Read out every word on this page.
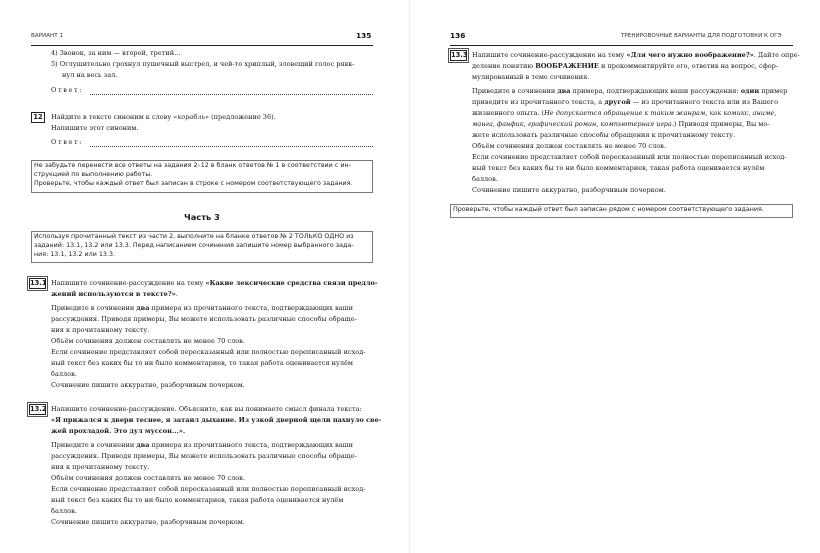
ВАРИАНТ 1	135
4) Звонок, за ним — второй, третий...
5) Оглушительно грохнул пушечный выстрел, и чей-то хриплый, зловещий голос рявк-
нул на весь зал.
Ответ:
12	Найдите в тексте синоним к слову «корабль» (предложение 36).
Напишите этот синоним.
Ответ:
Не забудьте перенести все ответы на задания 2–12 в бланк ответов № 1 в соответствии с ин-
струкцией по выполнению работы.
Проверьте, чтобы каждый ответ был записан в строке с номером соответствующего задания.
Часть 3
Используя прочитанный текст из части 2, выполните на бланке ответов № 2 ТОЛЬКО ОДНО из
заданий: 13.1, 13.2 или 13.3. Перед написанием сочинения запишите номер выбранного зада-
ния: 13.1, 13.2 или 13.3.
13.1 Напишите сочинение-рассуждение на тему «Какие лексические средства связи предло-
жений используются в тексте?».
Приведите в сочинении два примера из прочитанного текста, подтверждающих ваши
рассуждения. Приводя примеры, Вы можете использовать различные способы обраще-
ния к прочитанному тексту.
Объём сочинения должен составлять не менее 70 слов.
Если сочинение представляет собой пересказанный или полностью переписанный исход-
ный текст без каких бы то ни было комментариев, то такая работа оценивается нулём
баллов.
Сочинение пишите аккуратно, разборчивым почерком.
13.2 Напишите сочинение-рассуждение. Объясните, как вы понимаете смысл финала текста:
«Я прижался к двери теснее, я затаил дыхание. Из узкой дверной щели пахнуло све-
жей прохладой. Это дул муссон...».
Приведите в сочинении два примера из прочитанного текста, подтверждающих ваши
рассуждения. Приводя примеры, Вы можете использовать различные способы обраще-
ния к прочитанному тексту.
Объём сочинения должен составлять не менее 70 слов.
Если сочинение представляет собой пересказанный или полностью переписанный исход-
ный текст без каких бы то ни было комментариев, такая работа оценивается нулём
баллов.
Сочинение пишите аккуратно, разборчивым почерком.
136	ТРЕНИРОВОЧНЫЕ ВАРИАНТЫ ДЛЯ ПОДГОТОВКИ К ОГЭ
13.3 Напишите сочинение-рассуждение на тему «Для чего нужно воображение?». Дайте опре-
деление понятию ВООБРАЖЕНИЕ и прокомментируйте его, ответив на вопрос, сфор-
мулированный в теме сочинения.
Приведите в сочинении два примера, подтверждающих ваши рассуждения: один пример
приведите из прочитанного текста, а другой — из прочитанного текста или из Вашего
жизненного опыта. (Не допускается обращение к таким жанрам, как комикс, аниме,
манга, фанфик, графический роман, компьютерная игра.) Приводя примеры, Вы мо-
жете использовать различные способы обращения к прочитанному тексту.
Объём сочинения должен составлять не менее 70 слов.
Если сочинение представляет собой пересказанный или полностью переписанный исход-
ный текст без каких бы то ни было комментариев, такая работа оценивается нулём
баллов.
Сочинение пишите аккуратно, разборчивым почерком.
Проверьте, чтобы каждый ответ был записан рядом с номером соответствующего задания.
